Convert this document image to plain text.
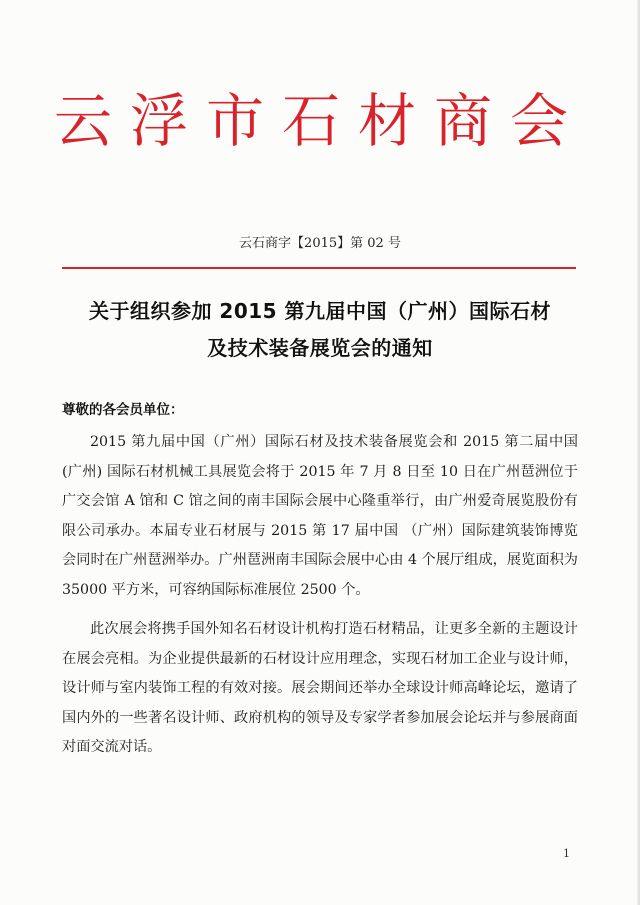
云浮市石材商会
云石商字【2015】第 02 号
关于组织参加 2015 第九届中国（广州）国际石材
及技术装备展览会的通知
尊敬的各会员单位：
2015 第九届中国（广州）国际石材及技术装备展览会和 2015 第二届中国(广州) 国际石材机械工具展览会将于 2015 年 7 月 8 日至 10 日在广州琶洲位于广交会馆 A 馆和 C 馆之间的南丰国际会展中心隆重举行，由广州爱奇展览股份有限公司承办。本届专业石材展与 2015 第 17 届中国 （广州）国际建筑装饰博览会同时在广州琶洲举办。广州琶洲南丰国际会展中心由 4 个展厅组成，展览面积为 35000 平方米，可容纳国际标准展位 2500 个。
此次展会将携手国外知名石材设计机构打造石材精品，让更多全新的主题设计在展会亮相。为企业提供最新的石材设计应用理念，实现石材加工企业与设计师，设计师与室内装饰工程的有效对接。展会期间还举办全球设计师高峰论坛，邀请了国内外的一些著名设计师、政府机构的领导及专家学者参加展会论坛并与参展商面对面交流对话。
1
